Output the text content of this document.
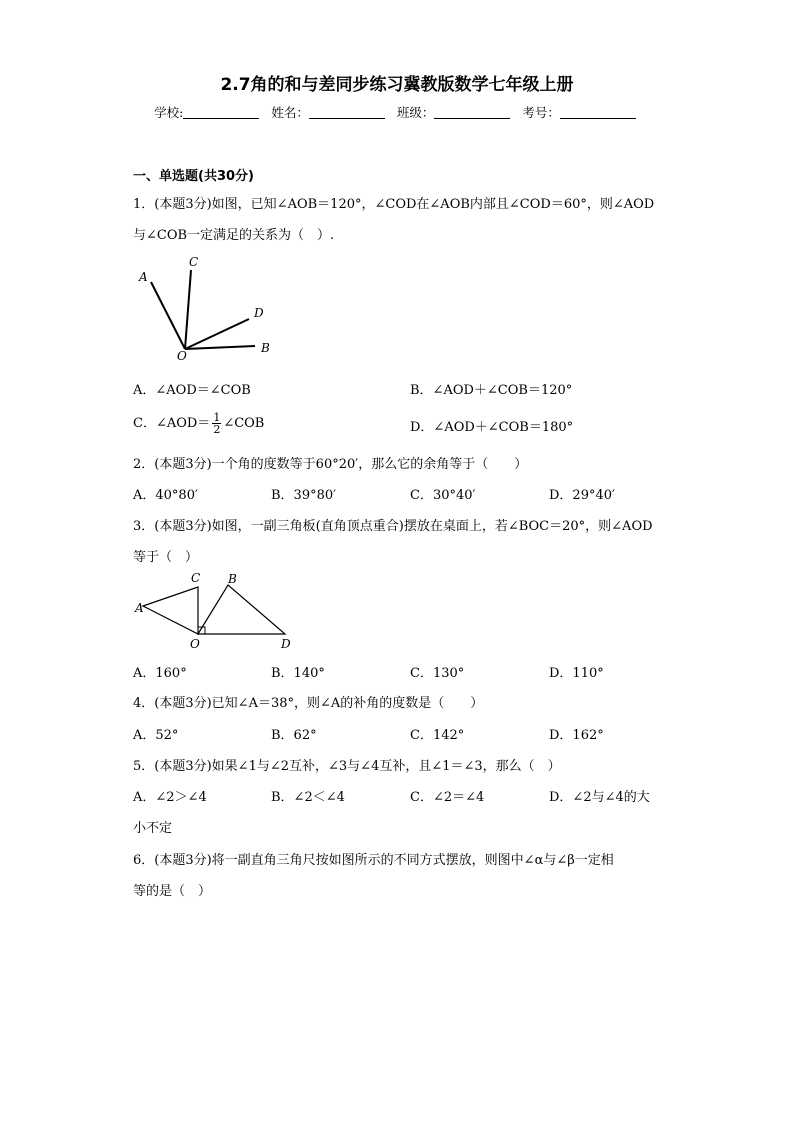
2.7角的和与差同步练习冀教版数学七年级上册
学校:	姓名：	班级：	考号：
一、单选题(共30分)
1．(本题3分)如图，已知∠AOB＝120°，∠COD在∠AOB内部且∠COD＝60°，则∠AOD
与∠COB一定满足的关系为（　）.
A
C
D
O
B
A．∠AOD＝∠COB	B．∠AOD＋∠COB＝120°
C．∠AOD＝ $\frac{1}{2}$ ∠COB	D．∠AOD＋∠COB＝180°
2．(本题3分)一个角的度数等于60°20′，那么它的余角等于（　　）
A．40°80′	B．39°80′	C．30°40′	D．29°40′
3．(本题3分)如图，一副三角板(直角顶点重合)摆放在桌面上，若∠BOC＝20°，则∠AOD
等于（　）
A
C B
O	D
A．160°	B．140°	C．130°	D．110°
4．(本题3分)已知∠A＝38°，则∠A的补角的度数是（　　）
A．52°	B．62°	C．142°	D．162°
5．(本题3分)如果∠1与∠2互补，∠3与∠4互补，且∠1＝∠3，那么（　）
A．∠2＞∠4	B．∠2＜∠4	C．∠2＝∠4	D．∠2与∠4的大
小不定
6．(本题3分)将一副直角三角尺按如图所示的不同方式摆放，则图中∠α与∠β一定相
等的是（　）
